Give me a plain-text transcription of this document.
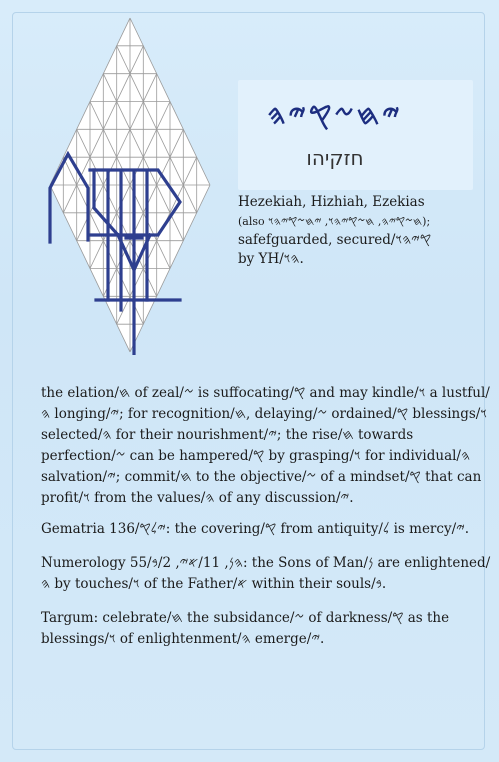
𐤉𐤇𐤆𐤒𐤉𐤄
חזקיהו
Hezekiah, Hizhiah, Ezekias
(also 𐤇𐤆𐤒𐤉𐤄, 𐤇𐤆𐤒𐤉𐤄𐤅, 𐤉𐤇𐤆𐤒𐤉𐤄𐤅);
safefguarded, secured/𐤒𐤉𐤄𐤅
by YH/𐤄𐤅.

the elation/𐤇 of zeal/𐤆 is suffocating/𐤒 and may kindle/𐤅 a lustful/𐤄 longing/𐤉; for recognition/𐤇, delaying/𐤆 ordained/𐤒 blessings/𐤅 selected/𐤄 for their nourishment/𐤉; the rise/𐤇 towards perfection/𐤆 can be hampered/𐤒 by grasping/𐤅 for individual/𐤄 salvation/𐤉; commit/𐤇 to the objective/𐤆 of a mindset/𐤒 that can profit/𐤅 from the values/𐤄 of any discussion/𐤉.

Gematria 136/𐤉𐤋𐤒: the covering/𐤒 from antiquity/𐤋 is mercy/𐤉.

Numerology 55/𐤄𐤍, 11/𐤀𐤉, 2/𐤁: the Sons of Man/𐤍 are enlightened/𐤄 by touches/𐤅 of the Father/𐤀 within their souls/𐤁.

Targum: celebrate/𐤇 the subsidance/𐤆 of darkness/𐤒 as the blessings/𐤅 of enlightenment/𐤄 emerge/𐤉.
